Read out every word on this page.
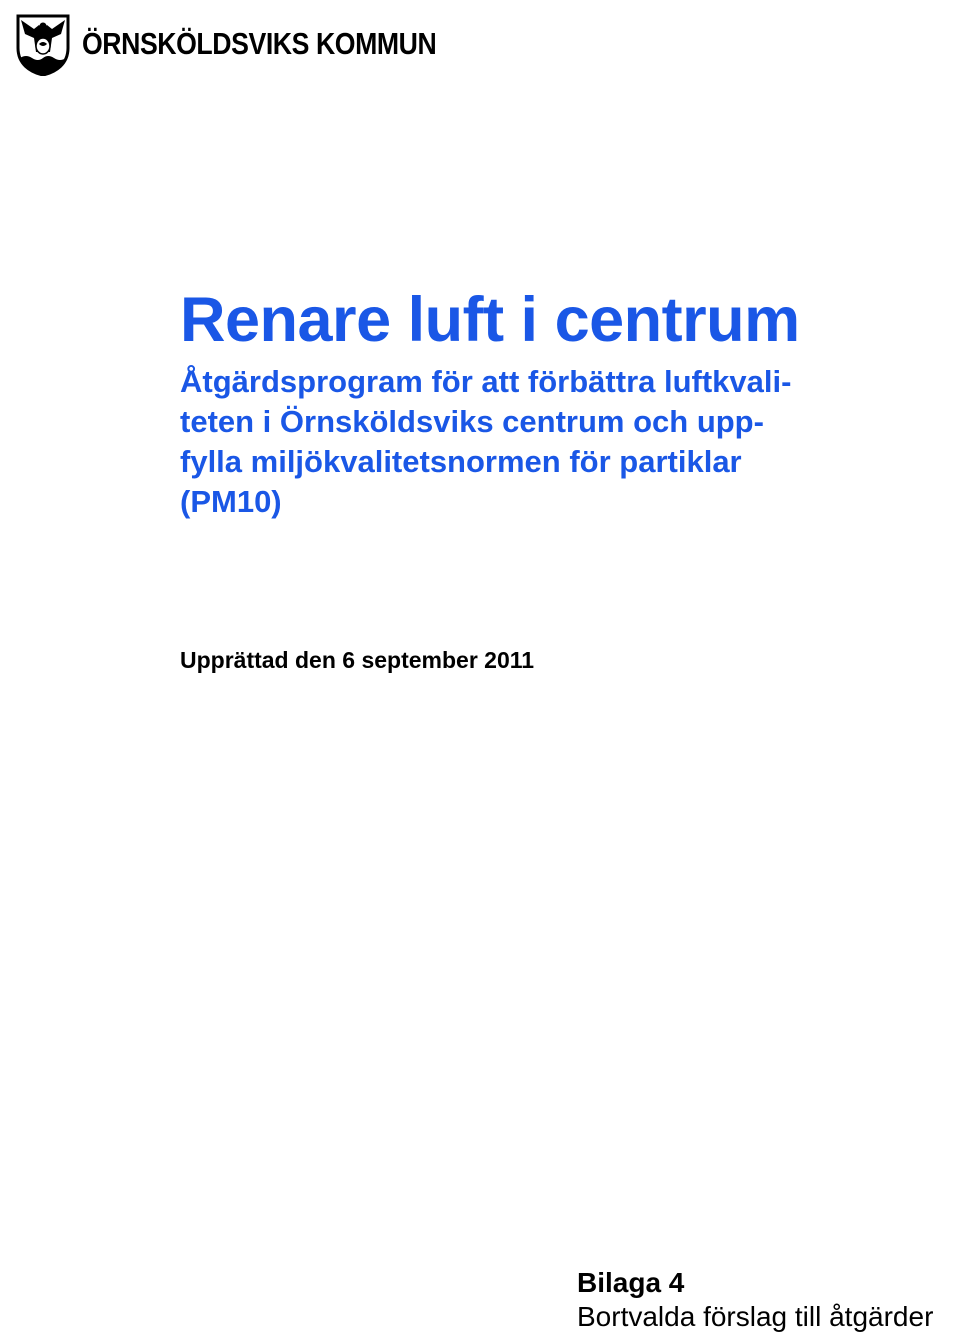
ÖRNSKÖLDSVIKS KOMMUN
Renare luft i centrum
Åtgärdsprogram för att förbättra luftkvali-
teten i Örnsköldsviks centrum och upp-
fylla miljökvalitetsnormen för partiklar
(PM10)

Upprättad den 6 september 2011

Bilaga 4
Bortvalda förslag till åtgärder
